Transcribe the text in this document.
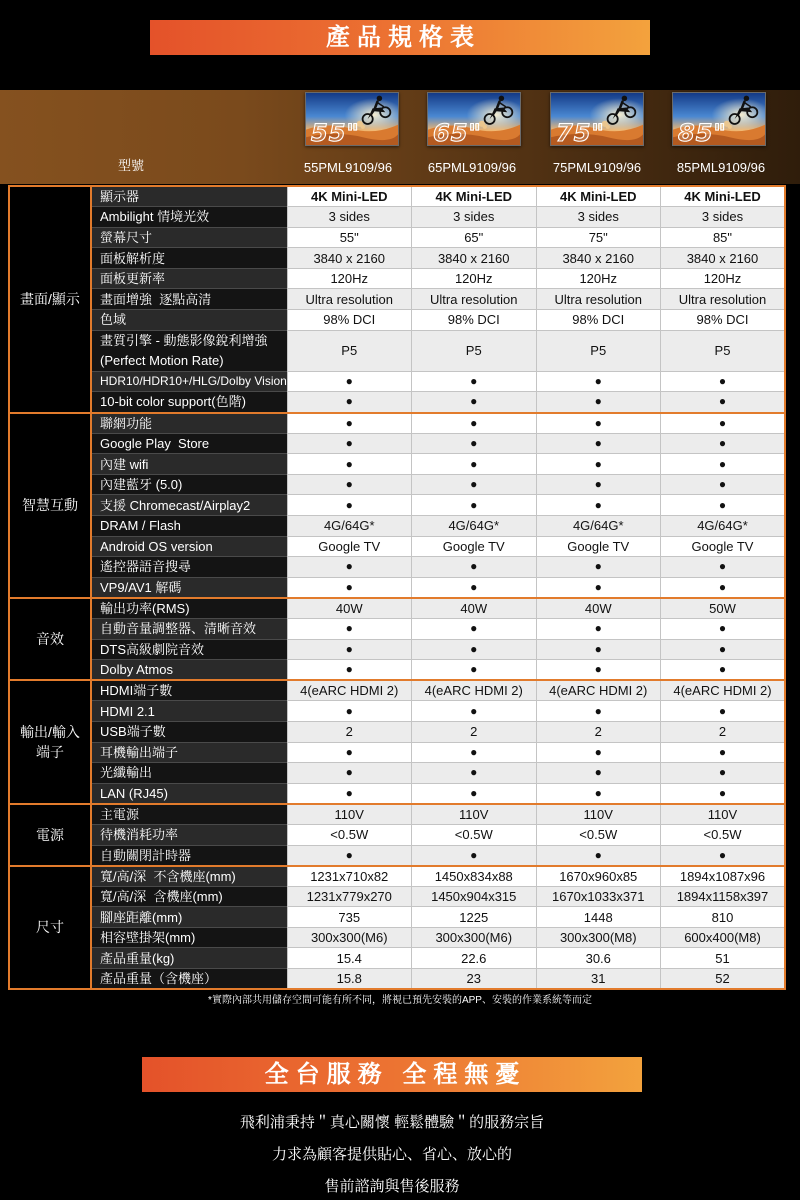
產品規格表
55"	65"	75"	85"
型號	55PML9109/96	65PML9109/96	75PML9109/96	85PML9109/96
畫面/顯示	顯示器	4K Mini-LED	4K Mini-LED	4K Mini-LED	4K Mini-LED
	Ambilight 情境光效	3 sides	3 sides	3 sides	3 sides
	螢幕尺寸	55"	65"	75"	85"
	面板解析度	3840 x 2160	3840 x 2160	3840 x 2160	3840 x 2160
	面板更新率	120Hz	120Hz	120Hz	120Hz
	畫面增強  逐點高清	Ultra resolution	Ultra resolution	Ultra resolution	Ultra resolution
	色域	98% DCI	98% DCI	98% DCI	98% DCI
	畫質引擎 - 動態影像銳利增強
(Perfect Motion Rate)	P5	P5	P5	P5
	HDR10/HDR10+/HLG/Dolby Vision	●	●	●	●
	10-bit color support(色階)	●	●	●	●
智慧互動	聯網功能	●	●	●	●
	Google Play  Store	●	●	●	●
	內建 wifi	●	●	●	●
	內建藍牙 (5.0)	●	●	●	●
	支援 Chromecast/Airplay2	●	●	●	●
	DRAM / Flash	4G/64G*	4G/64G*	4G/64G*	4G/64G*
	Android OS version	Google TV	Google TV	Google TV	Google TV
	遙控器語音搜尋	●	●	●	●
	VP9/AV1 解碼	●	●	●	●
音效	輸出功率(RMS)	40W	40W	40W	50W
	自動音量調整器、清晰音效	●	●	●	●
	DTS高級劇院音效	●	●	●	●
	Dolby Atmos	●	●	●	●
輸出/輸入
端子	HDMI端子數	4(eARC HDMI 2)	4(eARC HDMI 2)	4(eARC HDMI 2)	4(eARC HDMI 2)
	HDMI 2.1	●	●	●	●
	USB端子數	2	2	2	2
	耳機輸出端子	●	●	●	●
	光纖輸出	●	●	●	●
	LAN (RJ45)	●	●	●	●
電源	主電源	110V	110V	110V	110V
	待機消耗功率	<0.5W	<0.5W	<0.5W	<0.5W
	自動關閉計時器	●	●	●	●
尺寸	寬/高/深  不含機座(mm)	1231x710x82	1450x834x88	1670x960x85	1894x1087x96
	寬/高/深  含機座(mm)	1231x779x270	1450x904x315	1670x1033x371	1894x1158x397
	腳座距離(mm)	735	1225	1448	810
	相容壁掛架(mm)	300x300(M6)	300x300(M6)	300x300(M8)	600x400(M8)
	產品重量(kg)	15.4	22.6	30.6	51
	產品重量（含機座）	15.8	23	31	52
*實際內部共用儲存空間可能有所不同，將視已預先安裝的APP、安裝的作業系統等而定
全台服務 全程無憂
飛利浦秉持＂真心關懷 輕鬆體驗＂的服務宗旨
力求為顧客提供貼心、省心、放心的
售前諮詢與售後服務
